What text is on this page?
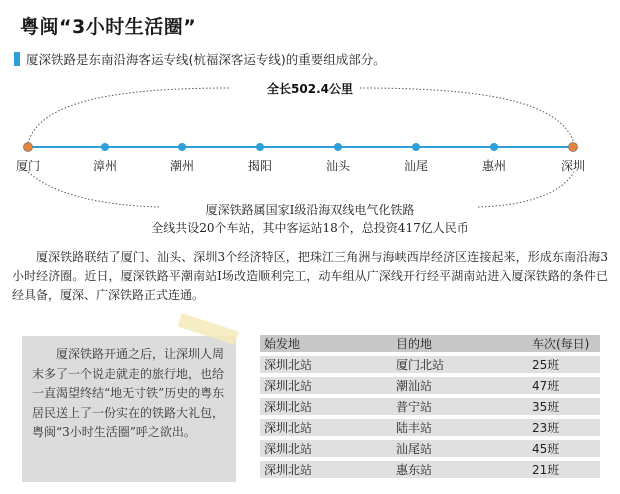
粤闽“3小时生活圈”
厦深铁路是东南沿海客运专线(杭福深客运专线)的重要组成部分。
全长502.4公里
厦门	漳州	潮州	揭阳	汕头	汕尾	惠州	深圳
厦深铁路属国家Ⅰ级沿海双线电气化铁路
全线共设20个车站，其中客运站18个，总投资417亿人民币
厦深铁路联结了厦门、汕头、深圳3个经济特区，把珠江三角洲与海峡西岸经济区连接起来，形成东南沿海3小时经济圈。近日，厦深铁路平潮南站Ⅰ场改造顺利完工，动车组从广深线开行经平湖南站进入厦深铁路的条件已经具备，厦深、广深铁路正式连通。
厦深铁路开通之后，让深圳人周末多了一个说走就走的旅行地，也给一直渴望终结“地无寸铁”历史的粤东居民送上了一份实在的铁路大礼包，粤闽“3小时生活圈”呼之欲出。
始发地	目的地	车次(每日)
深圳北站	厦门北站	25班
深圳北站	潮汕站	47班
深圳北站	普宁站	35班
深圳北站	陆丰站	23班
深圳北站	汕尾站	45班
深圳北站	惠东站	21班
